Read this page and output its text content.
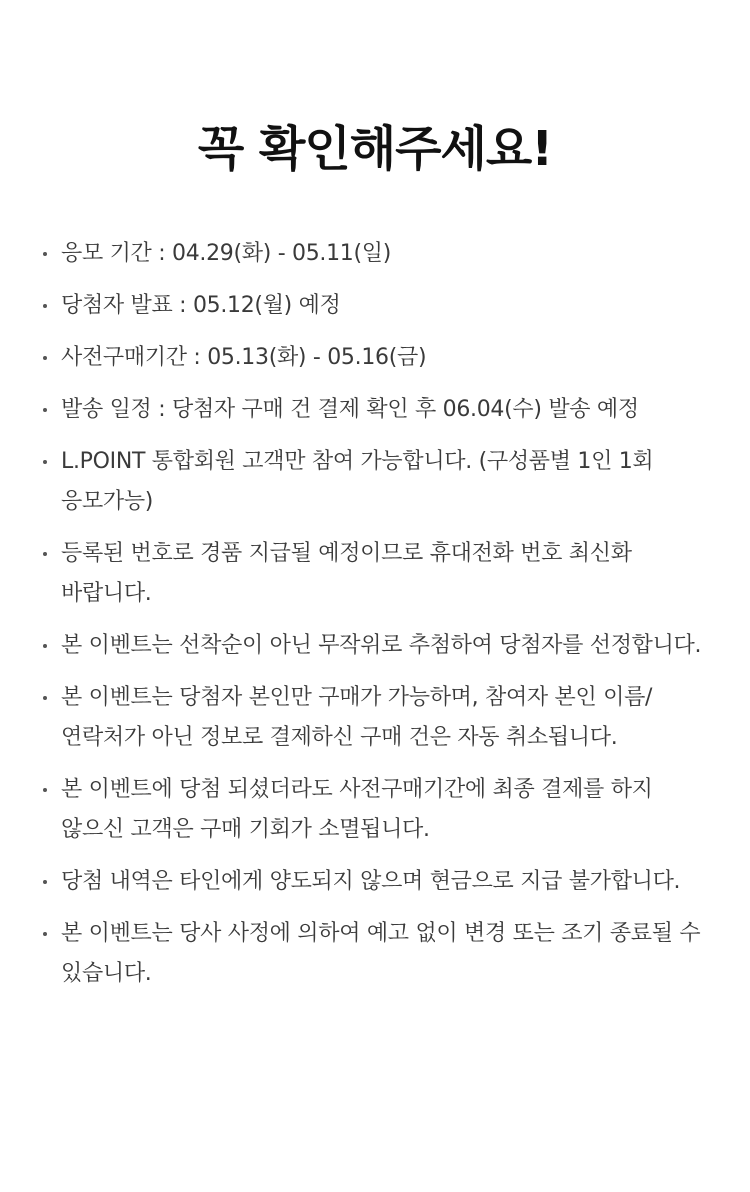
꼭 확인해주세요!
응모 기간 : 04.29(화) - 05.11(일)
당첨자 발표 : 05.12(월) 예정
사전구매기간 : 05.13(화) - 05.16(금)
발송 일정 : 당첨자 구매 건 결제 확인 후 06.04(수) 발송 예정
L.POINT 통합회원 고객만 참여 가능합니다. (구성품별 1인 1회 응모가능)
등록된 번호로 경품 지급될 예정이므로 휴대전화 번호 최신화 바랍니다.
본 이벤트는 선착순이 아닌 무작위로 추첨하여 당첨자를 선정합니다.
본 이벤트는 당첨자 본인만 구매가 가능하며, 참여자 본인 이름/연락처가 아닌 정보로 결제하신 구매 건은 자동 취소됩니다.
본 이벤트에 당첨 되셨더라도 사전구매기간에 최종 결제를 하지 않으신 고객은 구매 기회가 소멸됩니다.
당첨 내역은 타인에게 양도되지 않으며 현금으로 지급 불가합니다.
본 이벤트는 당사 사정에 의하여 예고 없이 변경 또는 조기 종료될 수 있습니다.
